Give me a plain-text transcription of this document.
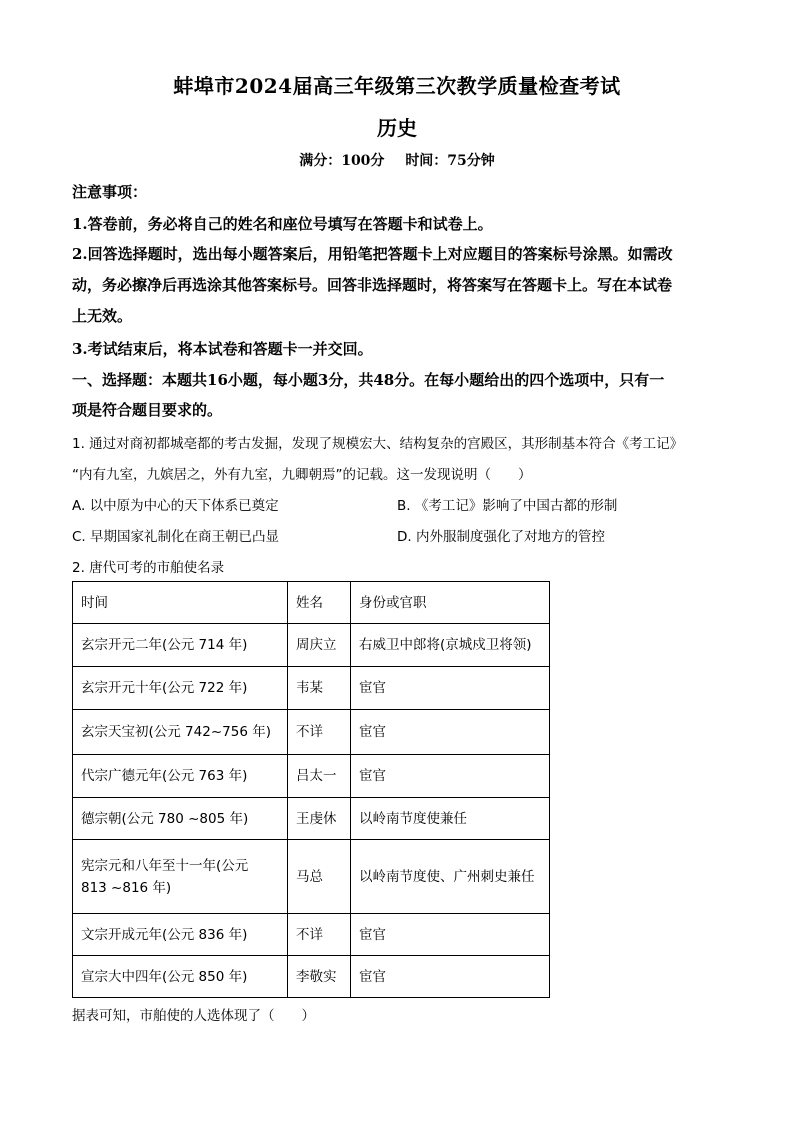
蚌埠市2024届高三年级第三次教学质量检查考试
历史
满分：100分 时间：75分钟
注意事项：
1.答卷前，务必将自己的姓名和座位号填写在答题卡和试卷上。
2.回答选择题时，选出每小题答案后，用铅笔把答题卡上对应题目的答案标号涂黑。如需改
动，务必擦净后再选涂其他答案标号。回答非选择题时，将答案写在答题卡上。写在本试卷
上无效。
3.考试结束后，将本试卷和答题卡一并交回。
一、选择题：本题共16小题，每小题3分，共48分。在每小题给出的四个选项中，只有一
项是符合题目要求的。
1. 通过对商初都城亳都的考古发掘，发现了规模宏大、结构复杂的宫殿区，其形制基本符合《考工记》
“内有九室，九嫔居之，外有九室，九卿朝焉”的记载。这一发现说明（　　）
A. 以中原为中心的天下体系已奠定	B. 《考工记》影响了中国古都的形制
C. 早期国家礼制化在商王朝已凸显	D. 内外服制度强化了对地方的管控
2. 唐代可考的市舶使名录
时间	姓名	身份或官职
玄宗开元二年(公元 714 年)	周庆立	右威卫中郎将(京城戍卫将领)
玄宗开元十年(公元 722 年)	韦某	宦官
玄宗天宝初(公元 742~756 年)	不详	宦官
代宗广德元年(公元 763 年)	吕太一	宦官
德宗朝(公元 780 ~805 年)	王虔休	以岭南节度使兼任

宪宗元和八年至十一年(公元
813 ~816 年)	马总	以岭南节度使、广州刺史兼任
文宗开成元年(公元 836 年)	不详	宦官
宣宗大中四年(公元 850 年)	李敬实	宦官
据表可知，市舶使的人选体现了（　　）
